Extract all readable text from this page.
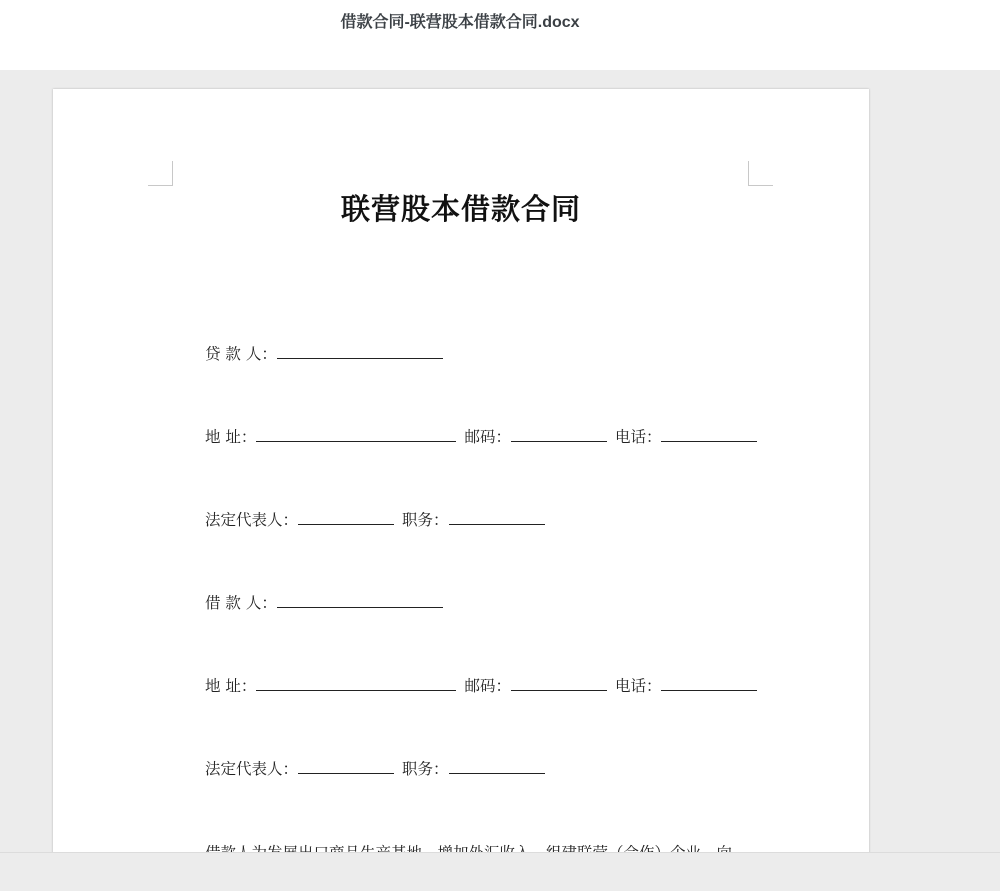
借款合同-联营股本借款合同.docx
联营股本借款合同
贷 款 人：
地 址：	邮码：	电话：
法定代表人：	职务：
借 款 人：
地 址：	邮码：	电话：
法定代表人：	职务：
